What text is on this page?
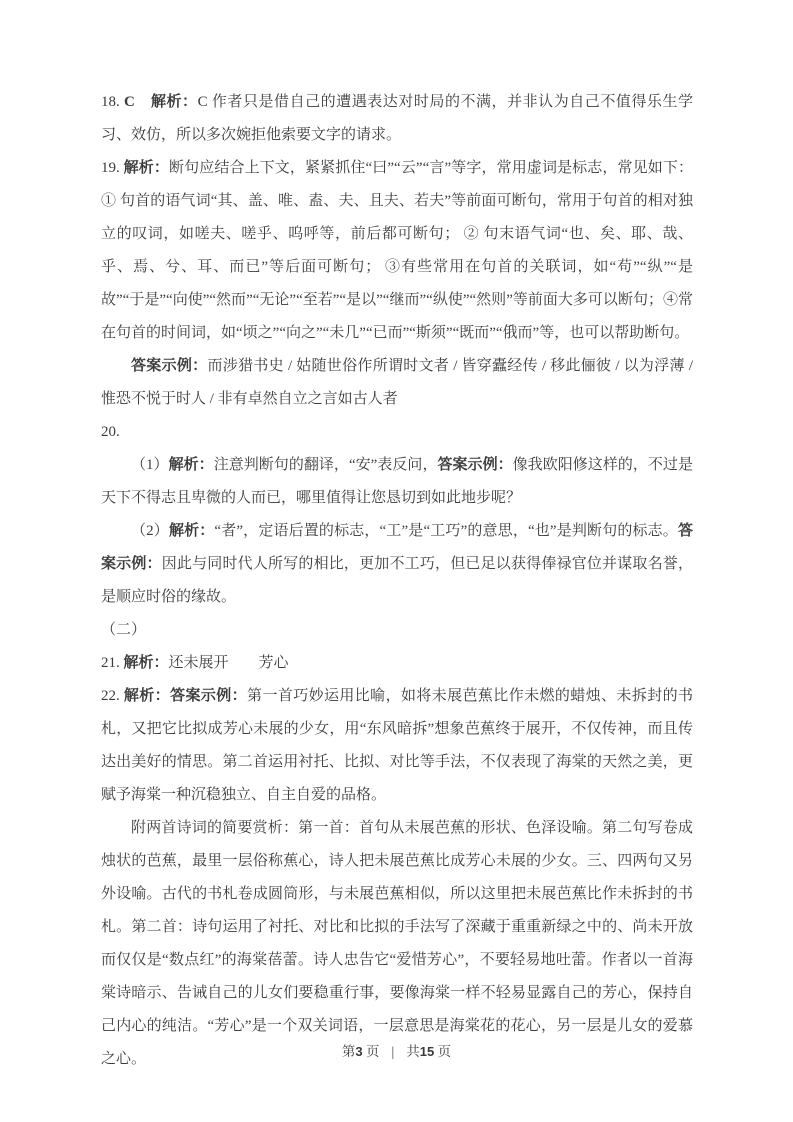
18. C　解析：C 作者只是借自己的遭遇表达对时局的不满，并非认为自己不值得乐生学习、效仿，所以多次婉拒他索要文字的请求。

19. 解析：断句应结合上下文，紧紧抓住“曰”“云”“言”等字，常用虚词是标志，常见如下：① 句首的语气词“其、盖、唯、盍、夫、且夫、若夫”等前面可断句，常用于句首的相对独立的叹词，如嗟夫、嗟乎、呜呼等，前后都可断句； ② 句末语气词“也、矣、耶、哉、乎、焉、兮、耳、而已”等后面可断句； ③有些常用在句首的关联词，如“苟”“纵”“是故”“于是”“向使”“然而”“无论”“至若”“是以”“继而”“纵使”“然则”等前面大多可以断句；④常在句首的时间词，如“顷之”“向之”“未几”“已而”“斯须”“既而”“俄而”等，也可以帮助断句。

答案示例：而涉猎书史 / 姑随世俗作所谓时文者 / 皆穿蠹经传 / 移此俪彼 / 以为浮薄 / 惟恐不悦于时人 / 非有卓然自立之言如古人者

20.

（1）解析：注意判断句的翻译，“安”表反问，答案示例：像我欧阳修这样的，不过是天下不得志且卑微的人而已，哪里值得让您恳切到如此地步呢？

（2）解析：“者”，定语后置的标志，“工”是“工巧”的意思，“也”是判断句的标志。答案示例：因此与同时代人所写的相比，更加不工巧，但已足以获得俸禄官位并谋取名誉，是顺应时俗的缘故。

（二）

21. 解析：还未展开　　芳心

22. 解析：答案示例：第一首巧妙运用比喻，如将未展芭蕉比作未燃的蜡烛、未拆封的书札，又把它比拟成芳心未展的少女，用“东风暗拆”想象芭蕉终于展开，不仅传神，而且传达出美好的情思。第二首运用衬托、比拟、对比等手法，不仅表现了海棠的天然之美，更赋予海棠一种沉稳独立、自主自爱的品格。

附两首诗词的简要赏析：第一首：首句从未展芭蕉的形状、色泽设喻。第二句写卷成烛状的芭蕉，最里一层俗称蕉心，诗人把未展芭蕉比成芳心未展的少女。三、四两句又另外设喻。古代的书札卷成圆筒形，与未展芭蕉相似，所以这里把未展芭蕉比作未拆封的书札。第二首：诗句运用了衬托、对比和比拟的手法写了深藏于重重新绿之中的、尚未开放而仅仅是“数点红”的海棠蓓蕾。诗人忠告它“爱惜芳心”，不要轻易地吐蕾。作者以一首海棠诗暗示、告诫自己的儿女们要稳重行事，要像海棠一样不轻易显露自己的芳心，保持自己内心的纯洁。“芳心”是一个双关词语，一层意思是海棠花的花心，另一层是儿女的爱慕之心。	第3 页 | 共15 页
